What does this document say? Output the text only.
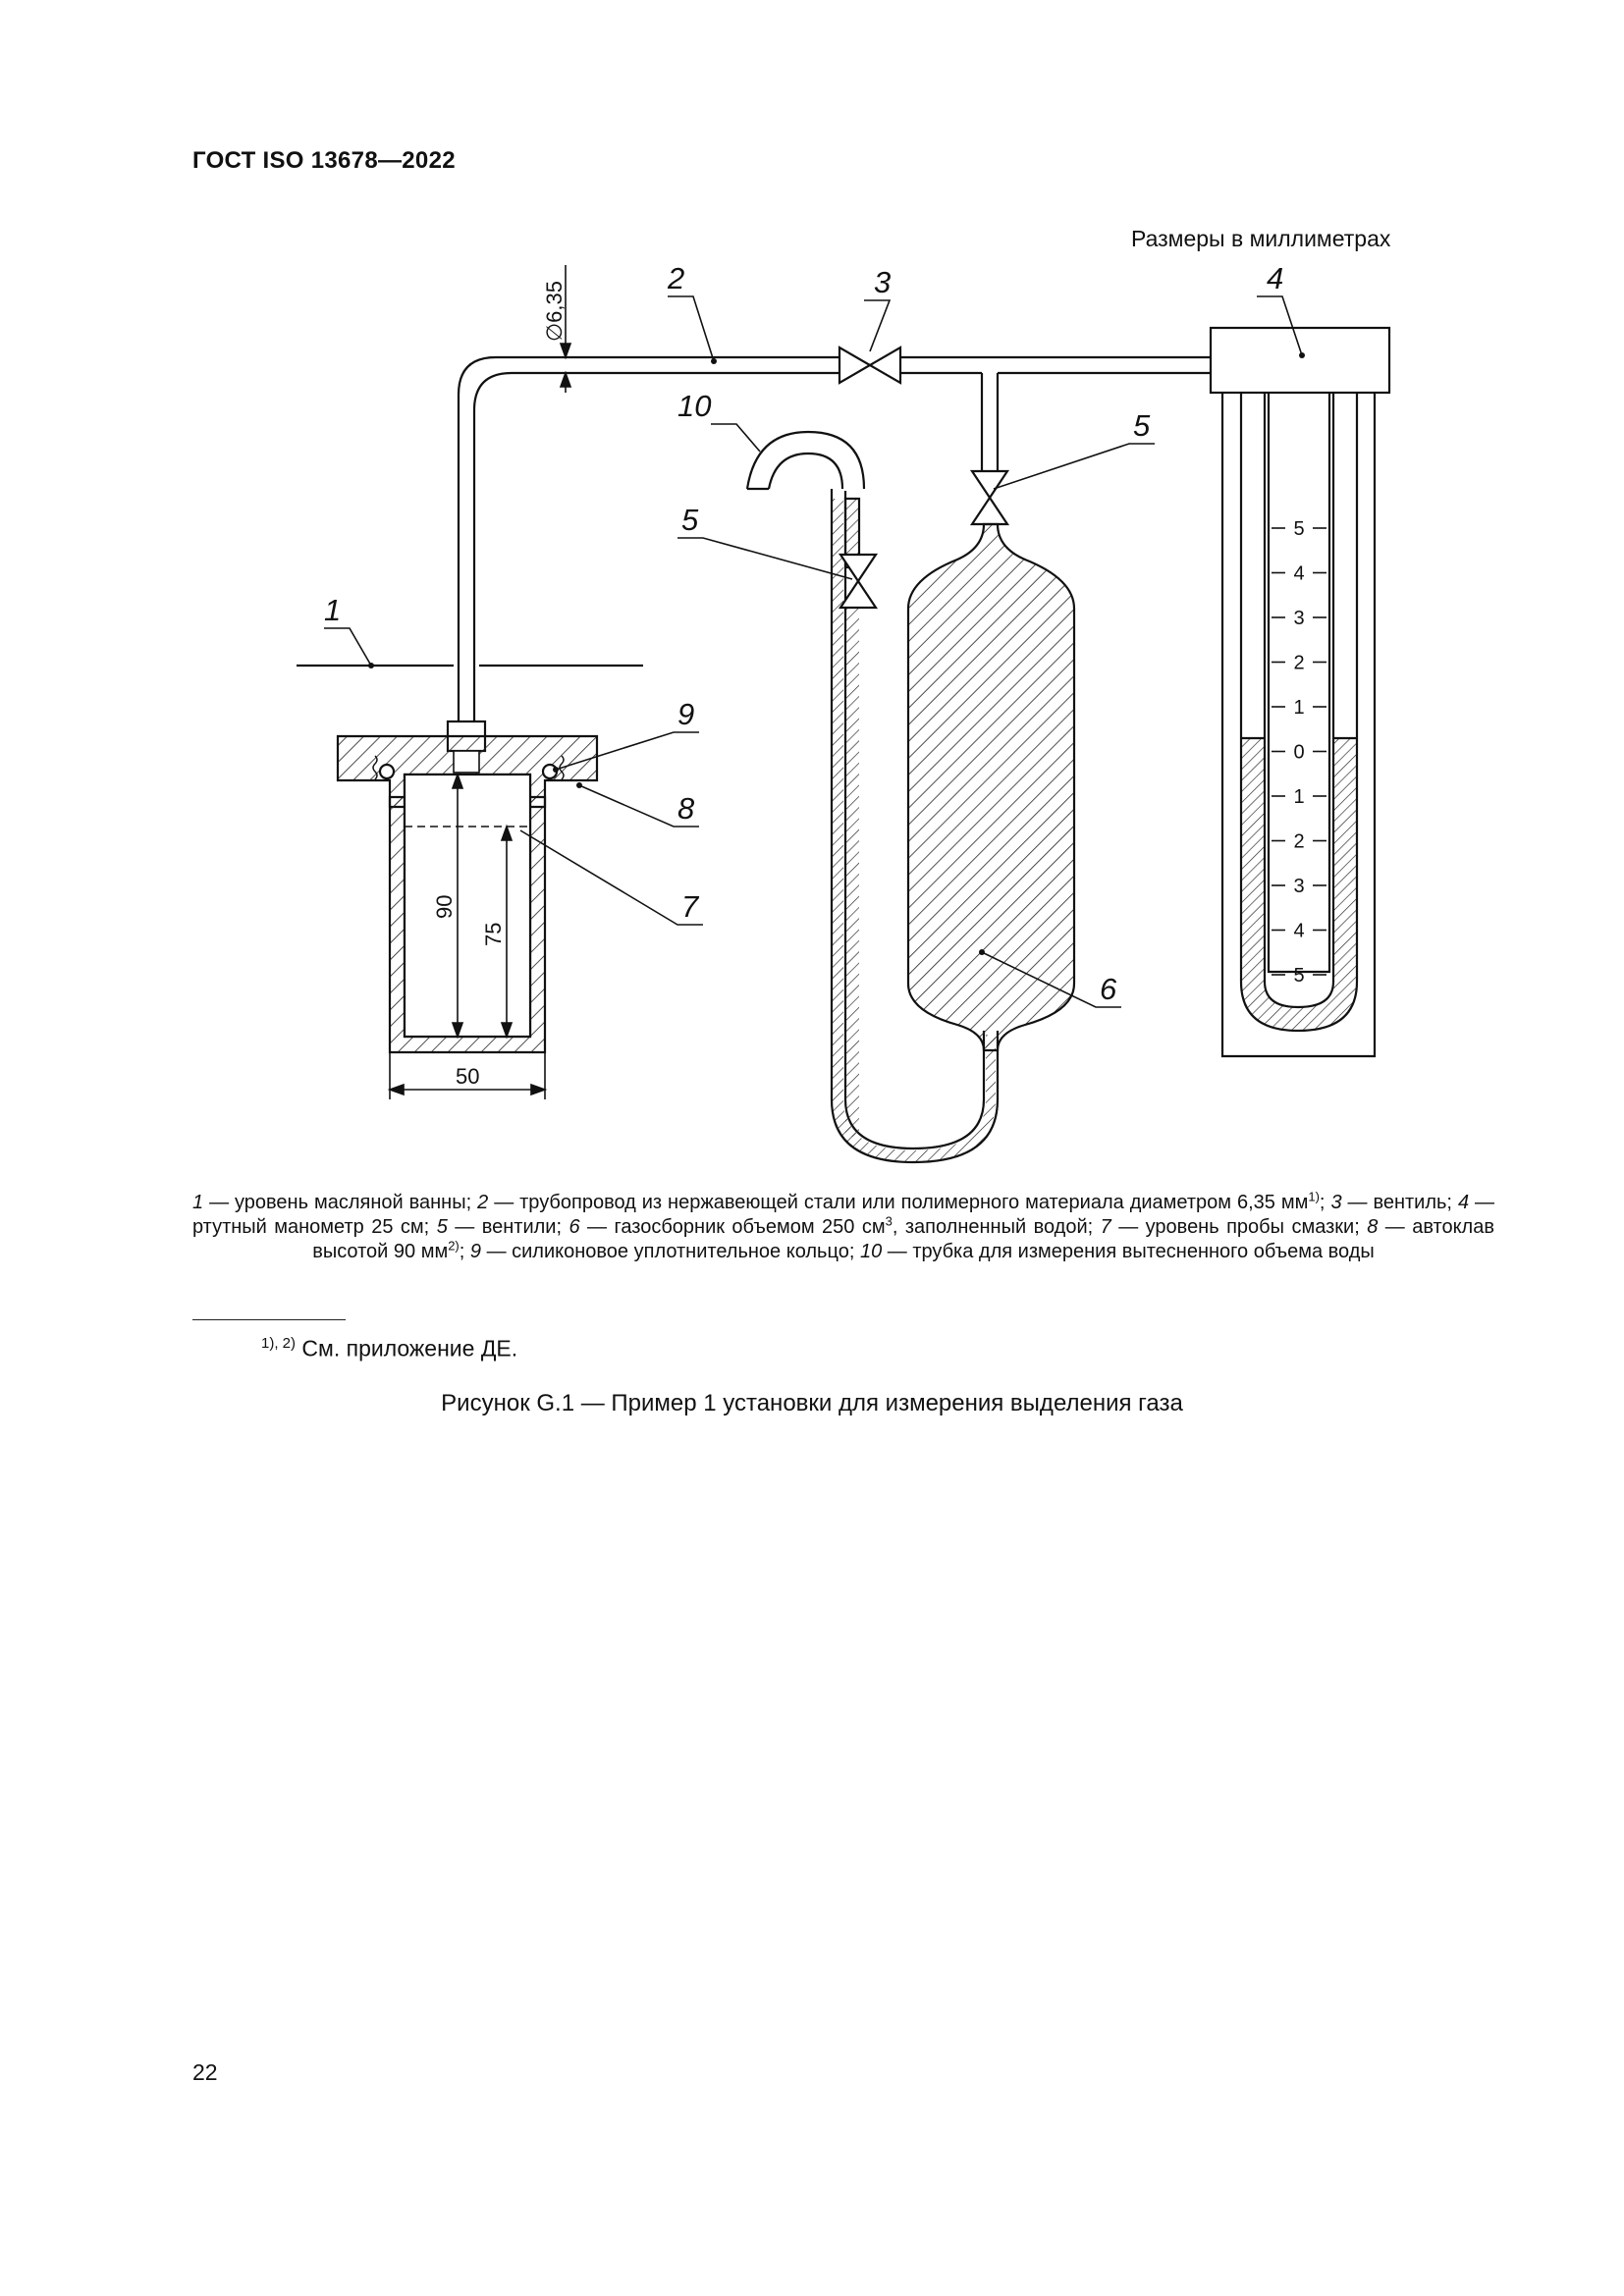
ГОСТ ISO 13678—2022
Размеры в миллиметрах
5
4
3
2
1
0
1
2
3
4
5
1
2	3	4
5
5
6
7
8
9
10
∅6,35
90
75
50
1 — уровень масляной ванны; 2 — трубопровод из нержавеющей стали или полимерного материала диаметром 6,35 $мм^{1)}$; 3 — вентиль; 4 — ртутный манометр 25 см; 5 — вентили; 6 — газосборник объемом 250 $см^3$, заполненный водой; 7 — уровень пробы смазки; 8 — автоклав высотой 90 $мм^{2)}$; 9 — силиконовое уплотнительное кольцо; 10 — трубка для измерения вытесненного объема воды
$^{1), 2)}$ См. приложение ДЕ.
Рисунок G.1 — Пример 1 установки для измерения выделения газа
22
